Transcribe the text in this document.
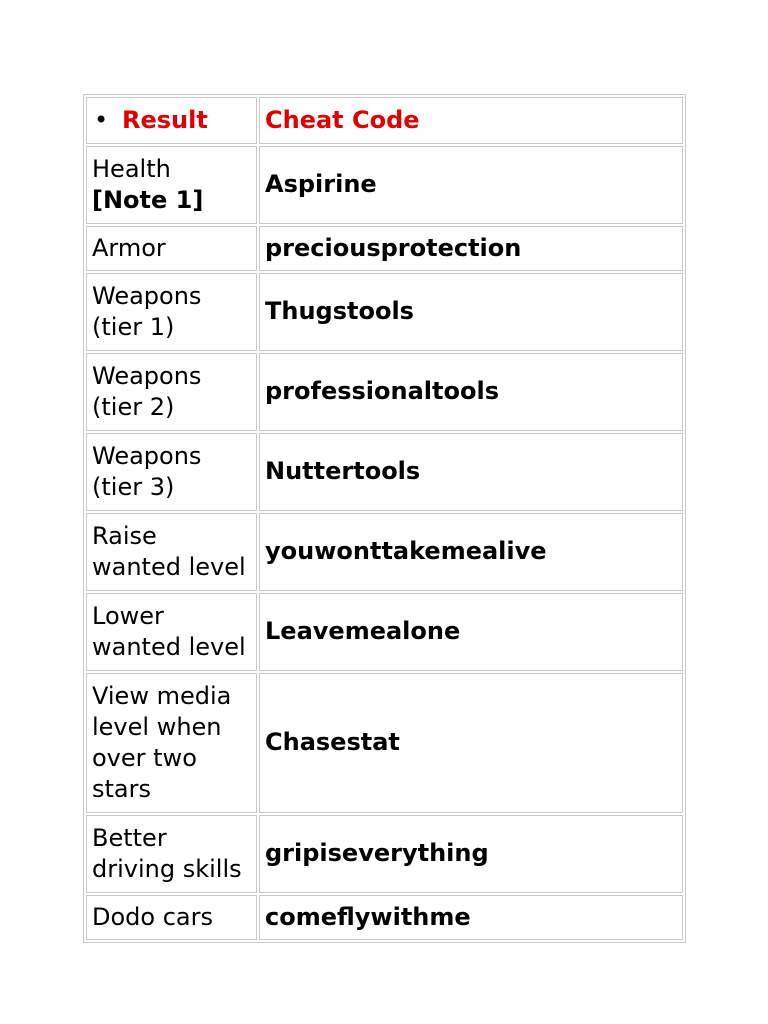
• Result	Cheat Code

Health
[Note 1]	Aspirine
Armor	preciousprotection
Weapons (tier 1)	Thugstools
Weapons (tier 2)	professionaltools
Weapons (tier 3)	Nuttertools
Raise wanted level	youwonttakemealive
Lower wanted level	Leavemealone
View media level when over two stars	Chasestat
Better driving skills	gripiseverything
Dodo cars	comeflywithme
